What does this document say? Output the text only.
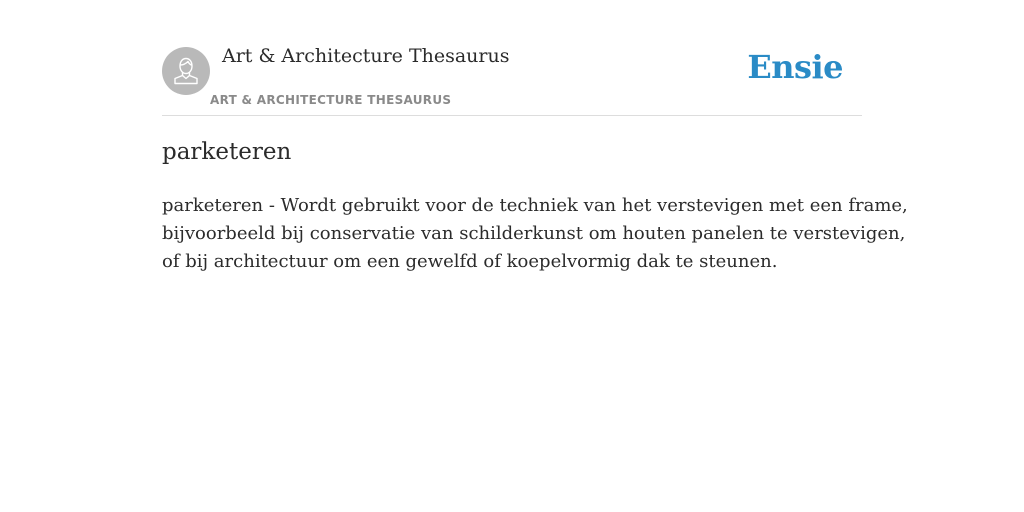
Art & Architecture Thesaurus
ART & ARCHITECTURE THESAURUS
Ensie
parketeren
parketeren - Wordt gebruikt voor de techniek van het verstevigen met een frame,
bijvoorbeeld bij conservatie van schilderkunst om houten panelen te verstevigen,
of bij architectuur om een gewelfd of koepelvormig dak te steunen.
